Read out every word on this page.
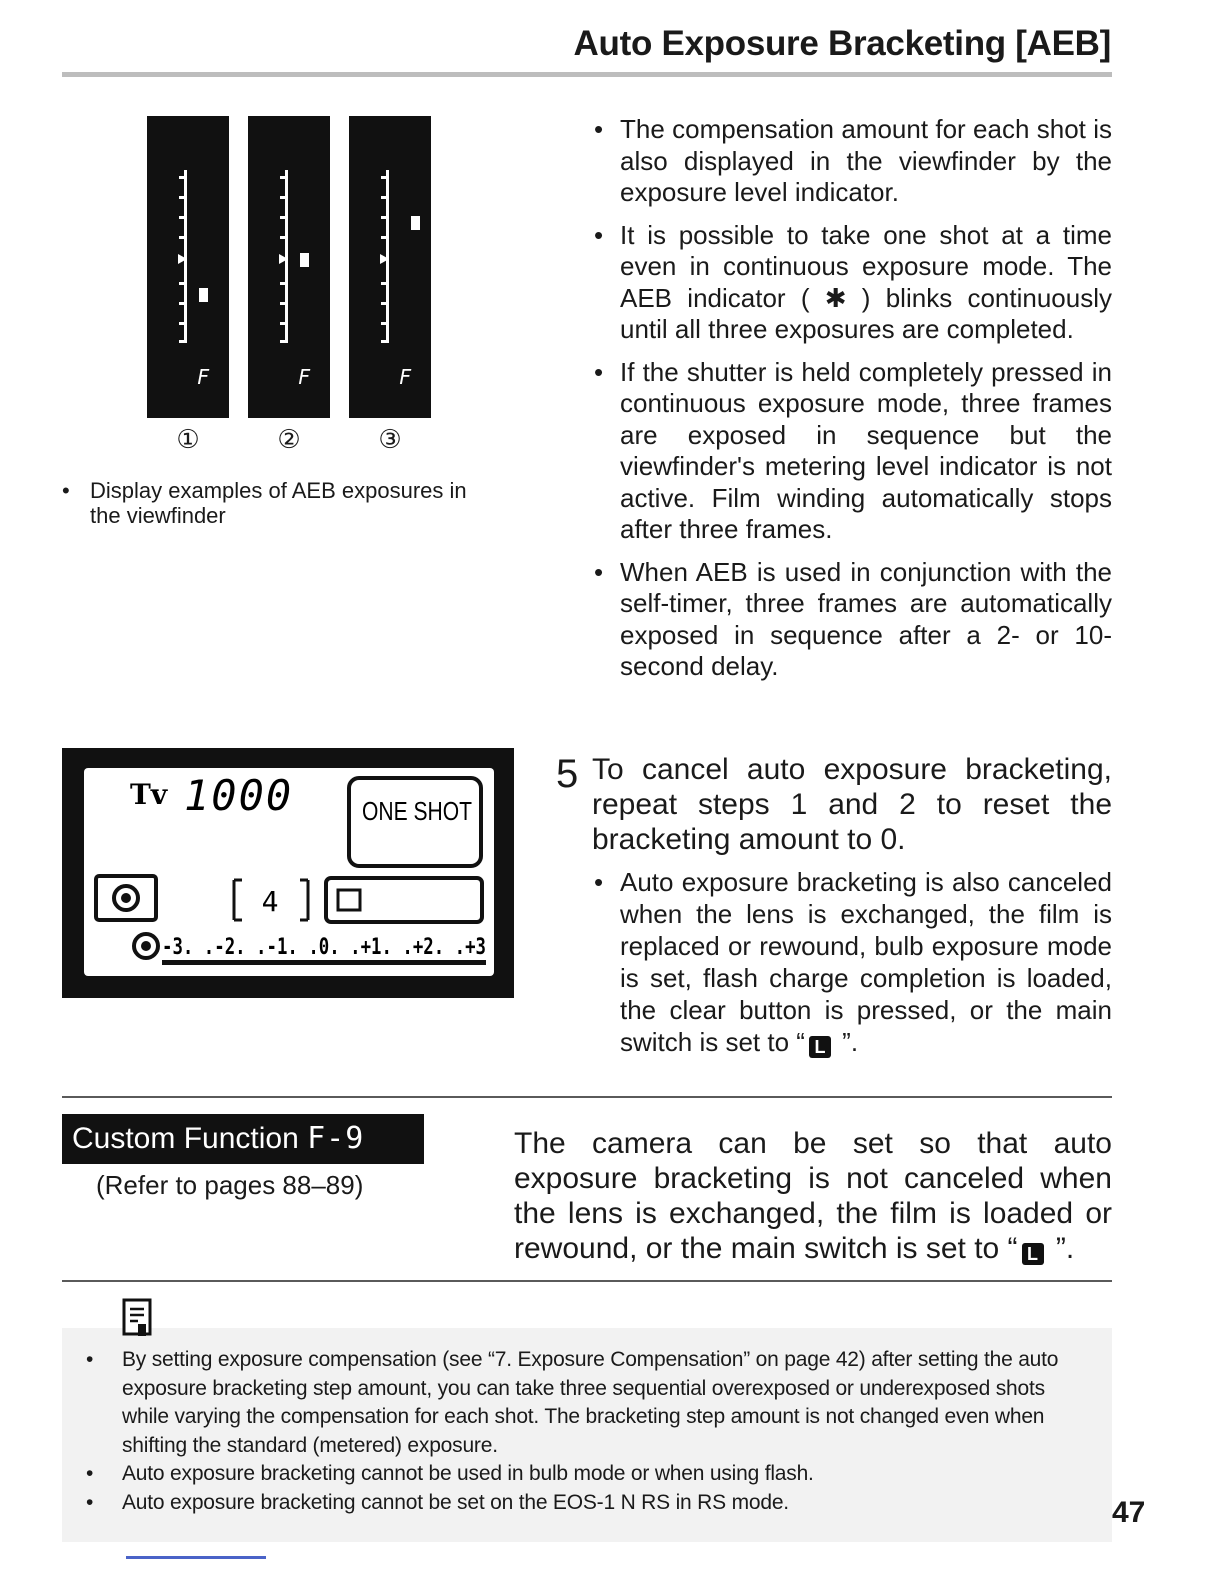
Auto Exposure Bracketing [AEB]
F	F	F
①	②	③
• Display examples of AEB exposures in the viewfinder
• The compensation amount for each shot is also displayed in the viewfinder by the exposure level indicator.
• It is possible to take one shot at a time even in continuous exposure mode. The AEB indicator ( ✱ ) blinks continuously until all three exposures are completed.
• If the shutter is held completely pressed in continuous exposure mode, three frames are exposed in sequence but the viewfinder's metering level indicator is not active. Film winding automatically stops after three frames.
• When AEB is used in conjunction with the self-timer, three frames are automatically exposed in sequence after a 2- or 10-second delay.
Tv 1000	ONE SHOT
4
-3. .-2. .-1. .0. .+1. .+2. .+3
5 To cancel auto exposure bracketing, repeat steps 1 and 2 to reset the bracketing amount to 0.
• Auto exposure bracketing is also canceled when the lens is exchanged, the film is replaced or rewound, bulb exposure mode is set, flash charge completion is loaded, the clear button is pressed, or the main switch is set to “ L ”.
Custom Function F-9
(Refer to pages 88–89)
The camera can be set so that auto exposure bracketing is not canceled when the lens is exchanged, the film is loaded or rewound, or the main switch is set to “ L ”.
• By setting exposure compensation (see “7. Exposure Compensation” on page 42) after setting the auto exposure bracketing step amount, you can take three sequential overexposed or underexposed shots while varying the compensation for each shot. The bracketing step amount is not changed even when shifting the standard (metered) exposure.
• Auto exposure bracketing cannot be used in bulb mode or when using flash.
• Auto exposure bracketing cannot be set on the EOS-1 N RS in RS mode.	47
